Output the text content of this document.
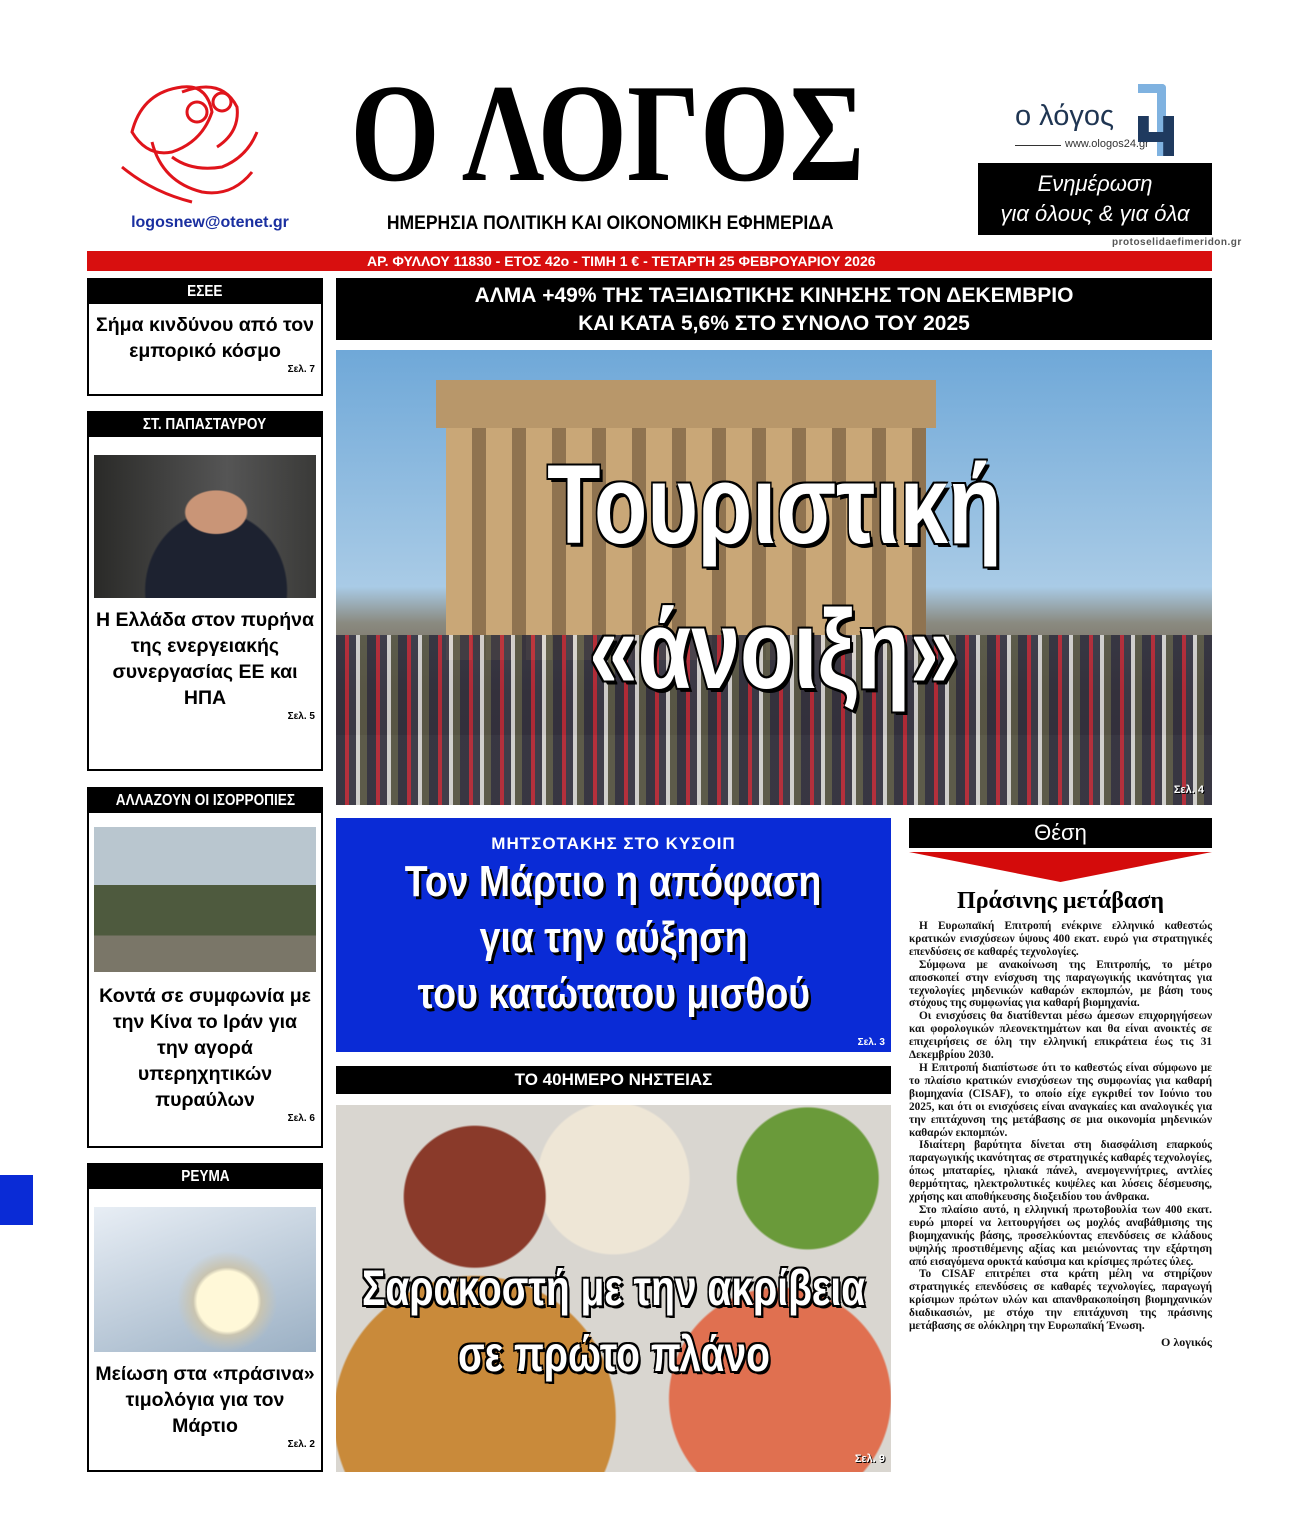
logosnew@otenet.gr
Ο ΛΟΓΟΣ
ΗΜΕΡΗΣΙΑ ΠΟΛΙΤΙΚΗ ΚΑΙ ΟΙΚΟΝΟΜΙΚΗ ΕΦΗΜΕΡΙΔΑ
ο λόγος
www.ologos24.gr
Ενημέρωση
για όλους & για όλα
protoselidaefimeridon.gr
ΑΡ. ΦΥΛΛΟΥ 11830 - ΕΤΟΣ 42ο - ΤΙΜΗ 1 € - ΤΕΤΑΡΤΗ 25 ΦΕΒΡΟΥΑΡΙΟΥ 2026
ΕΣΕΕ
Σήμα κινδύνου από τον εμπορικό κόσμο
Σελ. 7
ΣΤ. ΠΑΠΑΣΤΑΥΡΟΥ
Η Ελλάδα στον πυρήνα της ενεργειακής συνεργασίας ΕΕ και ΗΠΑ
Σελ. 5
ΑΛΛΑΖΟΥΝ ΟΙ ΙΣΟΡΡΟΠΙΕΣ
Κοντά σε συμφωνία με την Κίνα το Ιράν για την αγορά υπερηχητικών πυραύλων
Σελ. 6
ΡΕΥΜΑ
Μείωση στα «πράσινα» τιμολόγια για τον Μάρτιο
Σελ. 2
ΑΛΜΑ +49% ΤΗΣ ΤΑΞΙΔΙΩΤΙΚΗΣ ΚΙΝΗΣΗΣ ΤΟΝ ΔΕΚΕΜΒΡΙΟ
ΚΑΙ ΚΑΤΑ 5,6% ΣΤΟ ΣΥΝΟΛΟ ΤΟΥ 2025
Τουριστική
«άνοιξη»
Σελ. 4
ΜΗΤΣΟΤΑΚΗΣ ΣΤΟ ΚΥΣΟΙΠ
Τον Μάρτιο η απόφαση
για την αύξηση
του κατώτατου μισθού
Σελ. 3
ΤΟ 40ΗΜΕΡΟ ΝΗΣΤΕΙΑΣ
Σαρακοστή με την ακρίβεια
σε πρώτο πλάνο
Σελ. 9
Θέση
Πράσινης μετάβαση

Η Ευρωπαϊκή Επιτροπή ενέκρινε ελληνικό καθεστώς κρατικών ενισχύσεων ύψους 400 εκατ. ευρώ για στρατηγικές επενδύσεις σε καθαρές τεχνολογίες.

Σύμφωνα με ανακοίνωση της Επιτροπής, το μέτρο αποσκοπεί στην ενίσχυση της παραγωγικής ικανότητας για τεχνολογίες μηδενικών καθαρών εκπομπών, με βάση τους στόχους της συμφωνίας για καθαρή βιομηχανία.

Οι ενισχύσεις θα διατίθενται μέσω άμεσων επιχορηγήσεων και φορολογικών πλεονεκτημάτων και θα είναι ανοικτές σε επιχειρήσεις σε όλη την ελληνική επικράτεια έως τις 31 Δεκεμβρίου 2030.

Η Επιτροπή διαπίστωσε ότι το καθεστώς είναι σύμφωνο με το πλαίσιο κρατικών ενισχύσεων της συμφωνίας για καθαρή βιομηχανία (CISAF), το οποίο είχε εγκριθεί τον Ιούνιο του 2025, και ότι οι ενισχύσεις είναι αναγκαίες και αναλογικές για την επιτάχυνση της μετάβασης σε μια οικονομία μηδενικών καθαρών εκπομπών.

Ιδιαίτερη βαρύτητα δίνεται στη διασφάλιση επαρκούς παραγωγικής ικανότητας σε στρατηγικές καθαρές τεχνολογίες, όπως μπαταρίες, ηλιακά πάνελ, ανεμογεννήτριες, αντλίες θερμότητας, ηλεκτρολυτικές κυψέλες και λύσεις δέσμευσης, χρήσης και αποθήκευσης διοξειδίου του άνθρακα.

Στο πλαίσιο αυτό, η ελληνική πρωτοβουλία των 400 εκατ. ευρώ μπορεί να λειτουργήσει ως μοχλός αναβάθμισης της βιομηχανικής βάσης, προσελκύοντας επενδύσεις σε κλάδους υψηλής προστιθέμενης αξίας και μειώνοντας την εξάρτηση από εισαγόμενα ορυκτά καύσιμα και κρίσιμες πρώτες ύλες.

Το CISAF επιτρέπει στα κράτη μέλη να στηρίζουν στρατηγικές επενδύσεις σε καθαρές τεχνολογίες, παραγωγή κρίσιμων πρώτων υλών και απανθρακοποίηση βιομηχανικών διαδικασιών, με στόχο την επιτάχυνση της πράσινης μετάβασης σε ολόκληρη την Ευρωπαϊκή Ένωση.

Ο λογικός
